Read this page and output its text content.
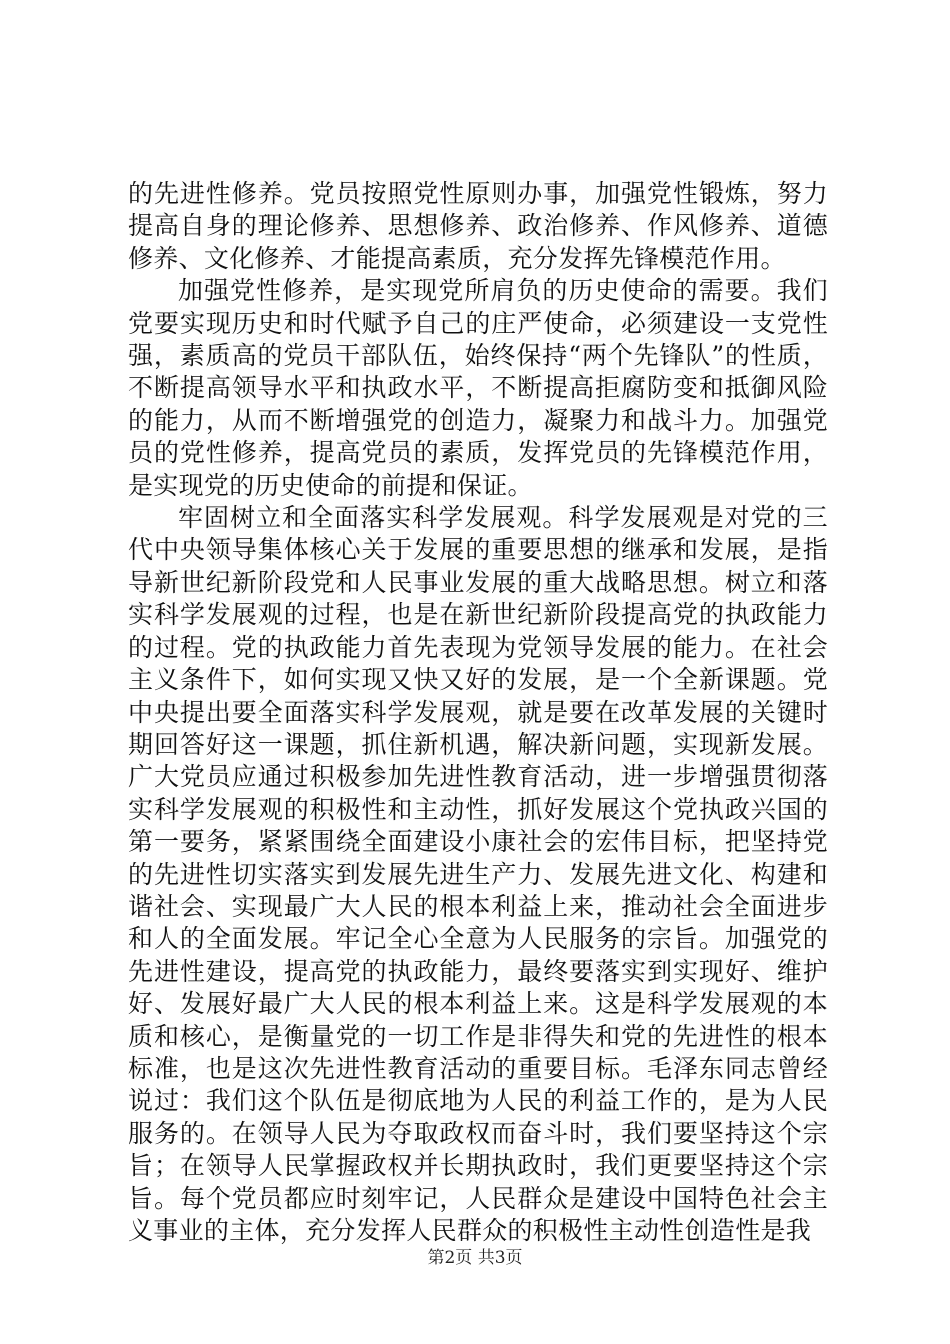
的先进性修养。党员按照党性原则办事，加强党性锻炼，努力提高自身的理论修养、思想修养、政治修养、作风修养、道德修养、文化修养、才能提高素质，充分发挥先锋模范作用。

加强党性修养，是实现党所肩负的历史使命的需要。我们党要实现历史和时代赋予自己的庄严使命，必须建设一支党性强，素质高的党员干部队伍，始终保持“两个先锋队”的性质，不断提高领导水平和执政水平，不断提高拒腐防变和抵御风险的能力，从而不断增强党的创造力，凝聚力和战斗力。加强党员的党性修养，提高党员的素质，发挥党员的先锋模范作用，是实现党的历史使命的前提和保证。

牢固树立和全面落实科学发展观。科学发展观是对党的三代中央领导集体核心关于发展的重要思想的继承和发展，是指导新世纪新阶段党和人民事业发展的重大战略思想。树立和落实科学发展观的过程，也是在新世纪新阶段提高党的执政能力的过程。党的执政能力首先表现为党领导发展的能力。在社会主义条件下，如何实现又快又好的发展，是一个全新课题。党中央提出要全面落实科学发展观，就是要在改革发展的关键时期回答好这一课题，抓住新机遇，解决新问题，实现新发展。广大党员应通过积极参加先进性教育活动，进一步增强贯彻落实科学发展观的积极性和主动性，抓好发展这个党执政兴国的第一要务，紧紧围绕全面建设小康社会的宏伟目标，把坚持党的先进性切实落实到发展先进生产力、发展先进文化、构建和谐社会、实现最广大人民的根本利益上来，推动社会全面进步和人的全面发展。牢记全心全意为人民服务的宗旨。加强党的先进性建设，提高党的执政能力，最终要落实到实现好、维护好、发展好最广大人民的根本利益上来。这是科学发展观的本质和核心，是衡量党的一切工作是非得失和党的先进性的根本标准，也是这次先进性教育活动的重要目标。毛泽东同志曾经说过：我们这个队伍是彻底地为人民的利益工作的，是为人民服务的。在领导人民为夺取政权而奋斗时，我们要坚持这个宗旨；在领导人民掌握政权并长期执政时，我们更要坚持这个宗旨。每个党员都应时刻牢记，人民群众是建设中国特色社会主义事业的主体，充分发挥人民群众的积极性主动性创造性是我

第2页 共3页
